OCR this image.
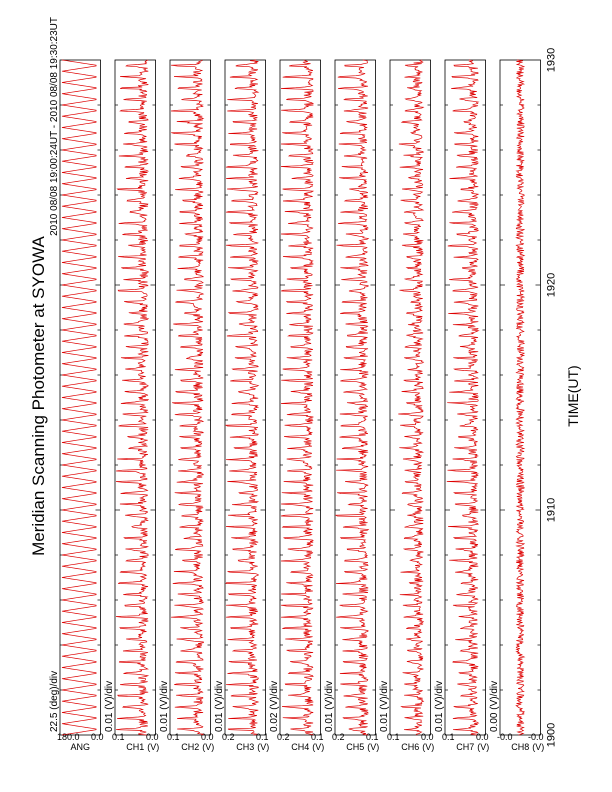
Meridian Scanning Photometer at SYOWA
2010 08/08 19:00:24UT - 2010 08/08 19:30:23UT
TIME(UT)
ANG
180.0 0.0
22.5 (deg)/div
CH1 (V)
0.1 0.0
0.01 (V)/div
CH2 (V)
0.1 0.0
0.01 (V)/div
CH3 (V)
0.2 0.1
0.01 (V)/div
CH4 (V)
0.2 0.1
0.02 (V)/div
CH5 (V)
0.2 0.1
0.01 (V)/div
CH6 (V)
0.1 0.0
0.01 (V)/div
CH7 (V)
0.1 0.0
0.01 (V)/div
CH8 (V)
-0.0 -0.0
0.00 (V)/div
1900
1910
1920
1930
